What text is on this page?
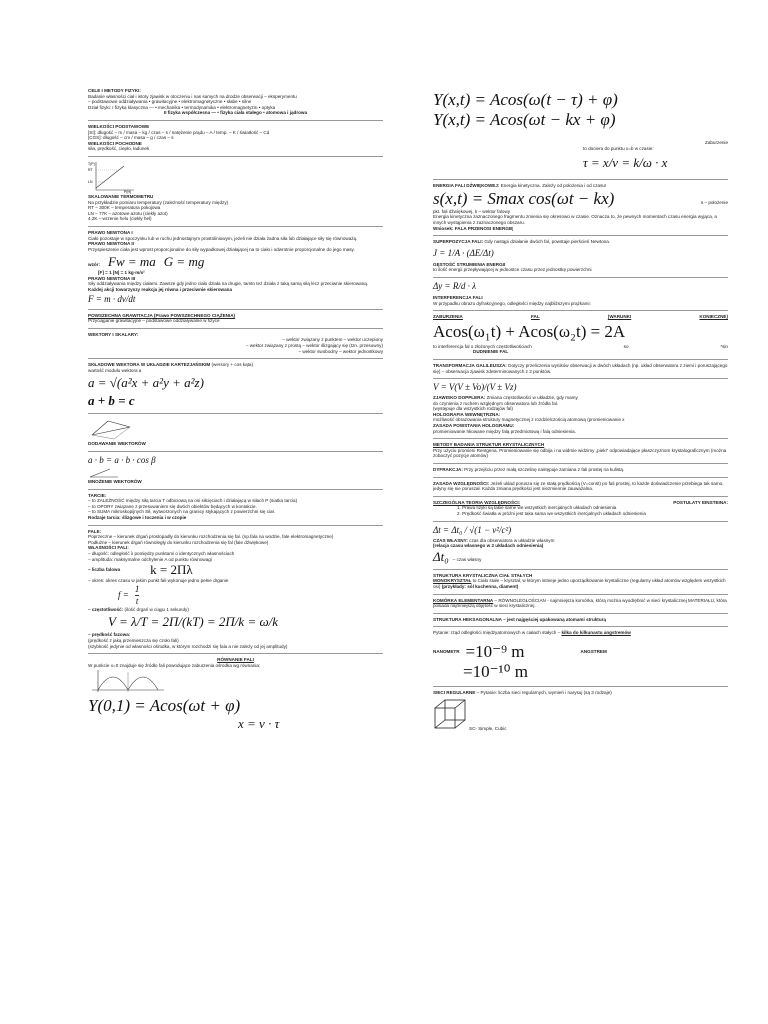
CELE I METODY FIZYKI:

Badanie własności ciał i istoty zjawisk w otoczeniu i nas samych na drodze obserwacji – eksperymentu

– podstawowe oddziaływania • grawitacyjne • elektromagnetyczne • słabe • silne

Dział fizyki: I fizyka klasyczna — • mechanika • termodynamika • elektromagnetyzm • optyka

II fizyka współczesna — • fizyka ciała stałego • atomowa i jądrowa

WIELKOŚCI PODSTAWOWE

[SI]: długość – m / masa – kg / czas – s / natężenie prądu – A / temp. – K / światłość – Cd

[CGS]: długość – cm / masa – g / czas – s

WIELKOŚCI POCHODNE

siła, prędkość, ciepło, ładunek

T(P)
RT
LN
P(H)

SKALOWANIE TERMOMETRU

Na przykładzie pomiaru temperatury (zależność temperatury między)

RT – 300K – temperatura pokojowa

LN – 77K – azotowe azotu (ciekły azot)

4,2K – wrzenie helu (ciekły hel)

PRAWO NEWTONA I

Ciało pozostaje w spoczynku lub w ruchu jednostajnym prostoliniowym, jeżeli nie działa żadna siła lub działające siły się równoważą.

PRAWO NEWTONA II

Przyspieszenie ciała jest wprost proporcjonalne do siły wypadkowej działającej na to ciało i odwrotnie proporcjonalne do jego masy.

wzór: Fw = ma G = mg

[F] = 1 [N] = 1 kg·m/s²

PRAWO NEWTONA III

Siły oddziaływania między ciałami. Zawsze gdy jedno ciało działa na drugie, tamto też działa z taką samą siłą lecz przeciwnie skierowaną.

Każdej akcji towarzyszy reakcja jej równa i przeciwnie skierowana

F = m · dv/dt

POWSZECHNA GRAWITACJA (Prawo POWSZECHNEGO CIĄŻENIA)

Przyciąganie grawitacyjne – podstawowe oddziaływanie w fizyce

WEKTORY I SKALARY:

– wektor związany z punktem – wektor uczepiony

– wektor związany z prostą – wektor ślizgający się (tzn. przesuwny)

– wektor swobodny – wektor jednostkowy

SKŁADOWE WEKTORA W UKŁADZIE KARTEZJAŃSKIM (wersory + cos kąta)

wartość modułu wektora a

a = √(a²x + a²y + a²z)

a + b = c

DODAWANIE WEKTORÓW

a · b = a · b · cos β

MNOŻENIE WEKTORÓW

TARCIE:

– to ZALEŻNOŚĆ między siłą tarcia T odbiciową na osi siłcięciach i działającą w siłach P (siatka tarcia)

– to OPORY związane z przesuwaniem się dwóch obiektów będących w kontakcie.

– to SUMA mikroskopijnych Sił, wytworzonych na granicy stykających z powierzchni się ciał.

Rodzaje tarcia: ślizgowe i toczenia i w czopie

FALE:

Poprzeczne – kierunek drgań prostopadły do kierunku rozchodzenia się fal. (np.fala na wodzie, fale elektromagnetyczne)

Podłużne – kierunek drgań równoległy do kierunku rozchodzenia się fal (fale dźwiękowe)

WŁASNOŚCI FALI:

– długość: odległość λ pomiędzy punktami o identycznych własnościach

– amplituda: maksymalne odchylenie A od punktu równowagi

– liczba falowa k = 2Πλ

– okres: okres czasu w jakim punkt fali wykonuje jedno pełne drganie

$f = \frac{1}{t}$

– częstotliwość: (ilość drgań w ciągu 1 sekundy)

V = λ/T = 2Π/(kT) = 2Π/k = ω/k

– prędkość fazowa:

(prędkość z jaką przemieszcza się czoło fali)

(szybkość jedynie od własności ośrodka, w którym rozchodzi się fala a nie zależy od jej amplitudy)

RÓWNANIE FALI

W punkcie x=0 znajduje się źródło fali powodujące zaburzenia ośrodka wg równania:

Y(0,1) = Acos(ωt + φ)

x = v · τ

Y(x,t) = Acos(ω(t − τ) + φ)

Y(x,t) = Acos(ωt − kx + φ)

Zaburzenie

to dociera do punktu x=b w czasie:

τ = x/v = k/ω · x

ENERGIA FALI DŹWIĘKOWEJ: Energia kinetyczna. Zależy od położenia i od czasu!

s(x,t) = Smax cos(ωt − kx)	s – położenie

pkt. fali dźwiękowej, k – wektor falowy

Energia kinetyczna zaznaczonego fragmentu zmienia się okresowo w czasie. Oznacza to, że pewnych momentach czasu energia wyjąca, a innych wystąpienia z zaznaczonego obszaru.

Wniosek: FALA PRZENOSI ENERGIĘ

SUPERPOZYCJA FALI: Gdy nastąpi działanie dwóch fal, powstaje pierścień Newtona.

J = 1/A · (ΔE/Δt)

GĘSTOŚĆ STRUMIENIA ENERGII

to ilość energii przepływającej w jednostce czasu przez jednostkę powierzchni

Δy = R/d · λ

INTERFERENCJA FALI

W przypadku obrazu dyfrakcyjnego, odległości między najbliższymi prążkami:

ZABURZENIA	FAL	(WARUNKI	KONIECZNE)

Acos(ω₁t) + Acos(ω₂t) = 2A

to interferencja fal o złożonych częstotliwościach	so	*sin

DUDNIENIE FAL

TRANSFORMACJA GALILEUSZA: Dotyczy przeliczenia wyników obserwacji w dwóch układach (np. układ obserwatora z ziemi i poruszającego się) – obserwacja zjawisk zdeterminowanych z 2 punktów.

V = V(V ± Vo)/(V ± Vz)

ZJAWISKO DOPPLERA: Zmiana częstotliwości w układzie, gdy mamy

do czynienia z ruchem względnym obserwatora lub źródła fal.

(występuje dla wszystkich rodzajów fal)

HOLOGRAFIA WEWNĘTRZNA:

możliwość obrazowania struktury magnetycznej z rozdzielczością atomową (promieniowanie x

ZASADA POWSTANIA HOLOGRAMU:

promieniowanie hkowane między falą przedmiotową i falą odniesienia.

METODY BADANIA STRUKTUR KRYSTALICZNYCH

Przy użyciu promieni Rentgena. Promieniowanie się odbija i na widmie widzimy „pieki" odpowiadające płaszczyznom krystalograficznym (można zobaczyć pozycje atomów)

DYFRAKCJA: Przy przejściu przez małą szczelinę następuje zamiana z fali prostej na kulistą.

ZASADA WZGLĘDNOŚCI: Jeżeli układ porusza się ze stałą prędkością (V=const) po fali prostej, to każde doświadczenie przebiega tak samo, jedyny się nie poruszał. Każda zmiana prędkości jest niezmiennie zauważalna.

SZCZEGÓLNA TEORIA WZGLĘDNOŚCI:	POSTULATY EINSTEINA:

1. Prawa fizyki są takie same we wszystkich inercjalnych układach odniesienia

2. Prędkość światła w próżni jest taka sama we wszystkich inercjalnych układach odniesienia

Δt = Δt₀ / √(1 − v²/c²)

CZAS WŁASNY: czas dla obserwatora w układzie własnym

(relacja czasu własnego w 2 układach odniesienia)

Δt₀ – czas własny

STRUKTURA KRYSTALICZNA CIAŁ STAŁYCH

MONOKRYSZTAŁ to Ciało stałe – kryształ, w którym istnieje jedno uporządkowanie krystaliczne (regularny układ atomów względem wszystkich osi) (przykłady: sól kuchenna, diament)

KOMÓRKA ELEMENTARNA – RÓWNOLEGŁOŚCIAN - najmniejsza komórka, którą można wyodrębnić w sieci krystalicznej MATERIAŁU, która posiada najmniejszą objętość w sieci krystalicznej.

STRUKTURA HEKSAGONALNA – jest najgęściej upakowaną atomami strukturą

Pytanie: rząd odległości międzyatomowych w ciałach stałych – kilka do kilkunastu angstremów

NANOMETR =10⁻⁹ m	ANGSTREM

=10⁻¹⁰ m

SIECI REGULARNE – Pytanie: liczba sieci regularnych, wymień i narysuj (są 3 rodzaje)

SC- Simple, Cubic
